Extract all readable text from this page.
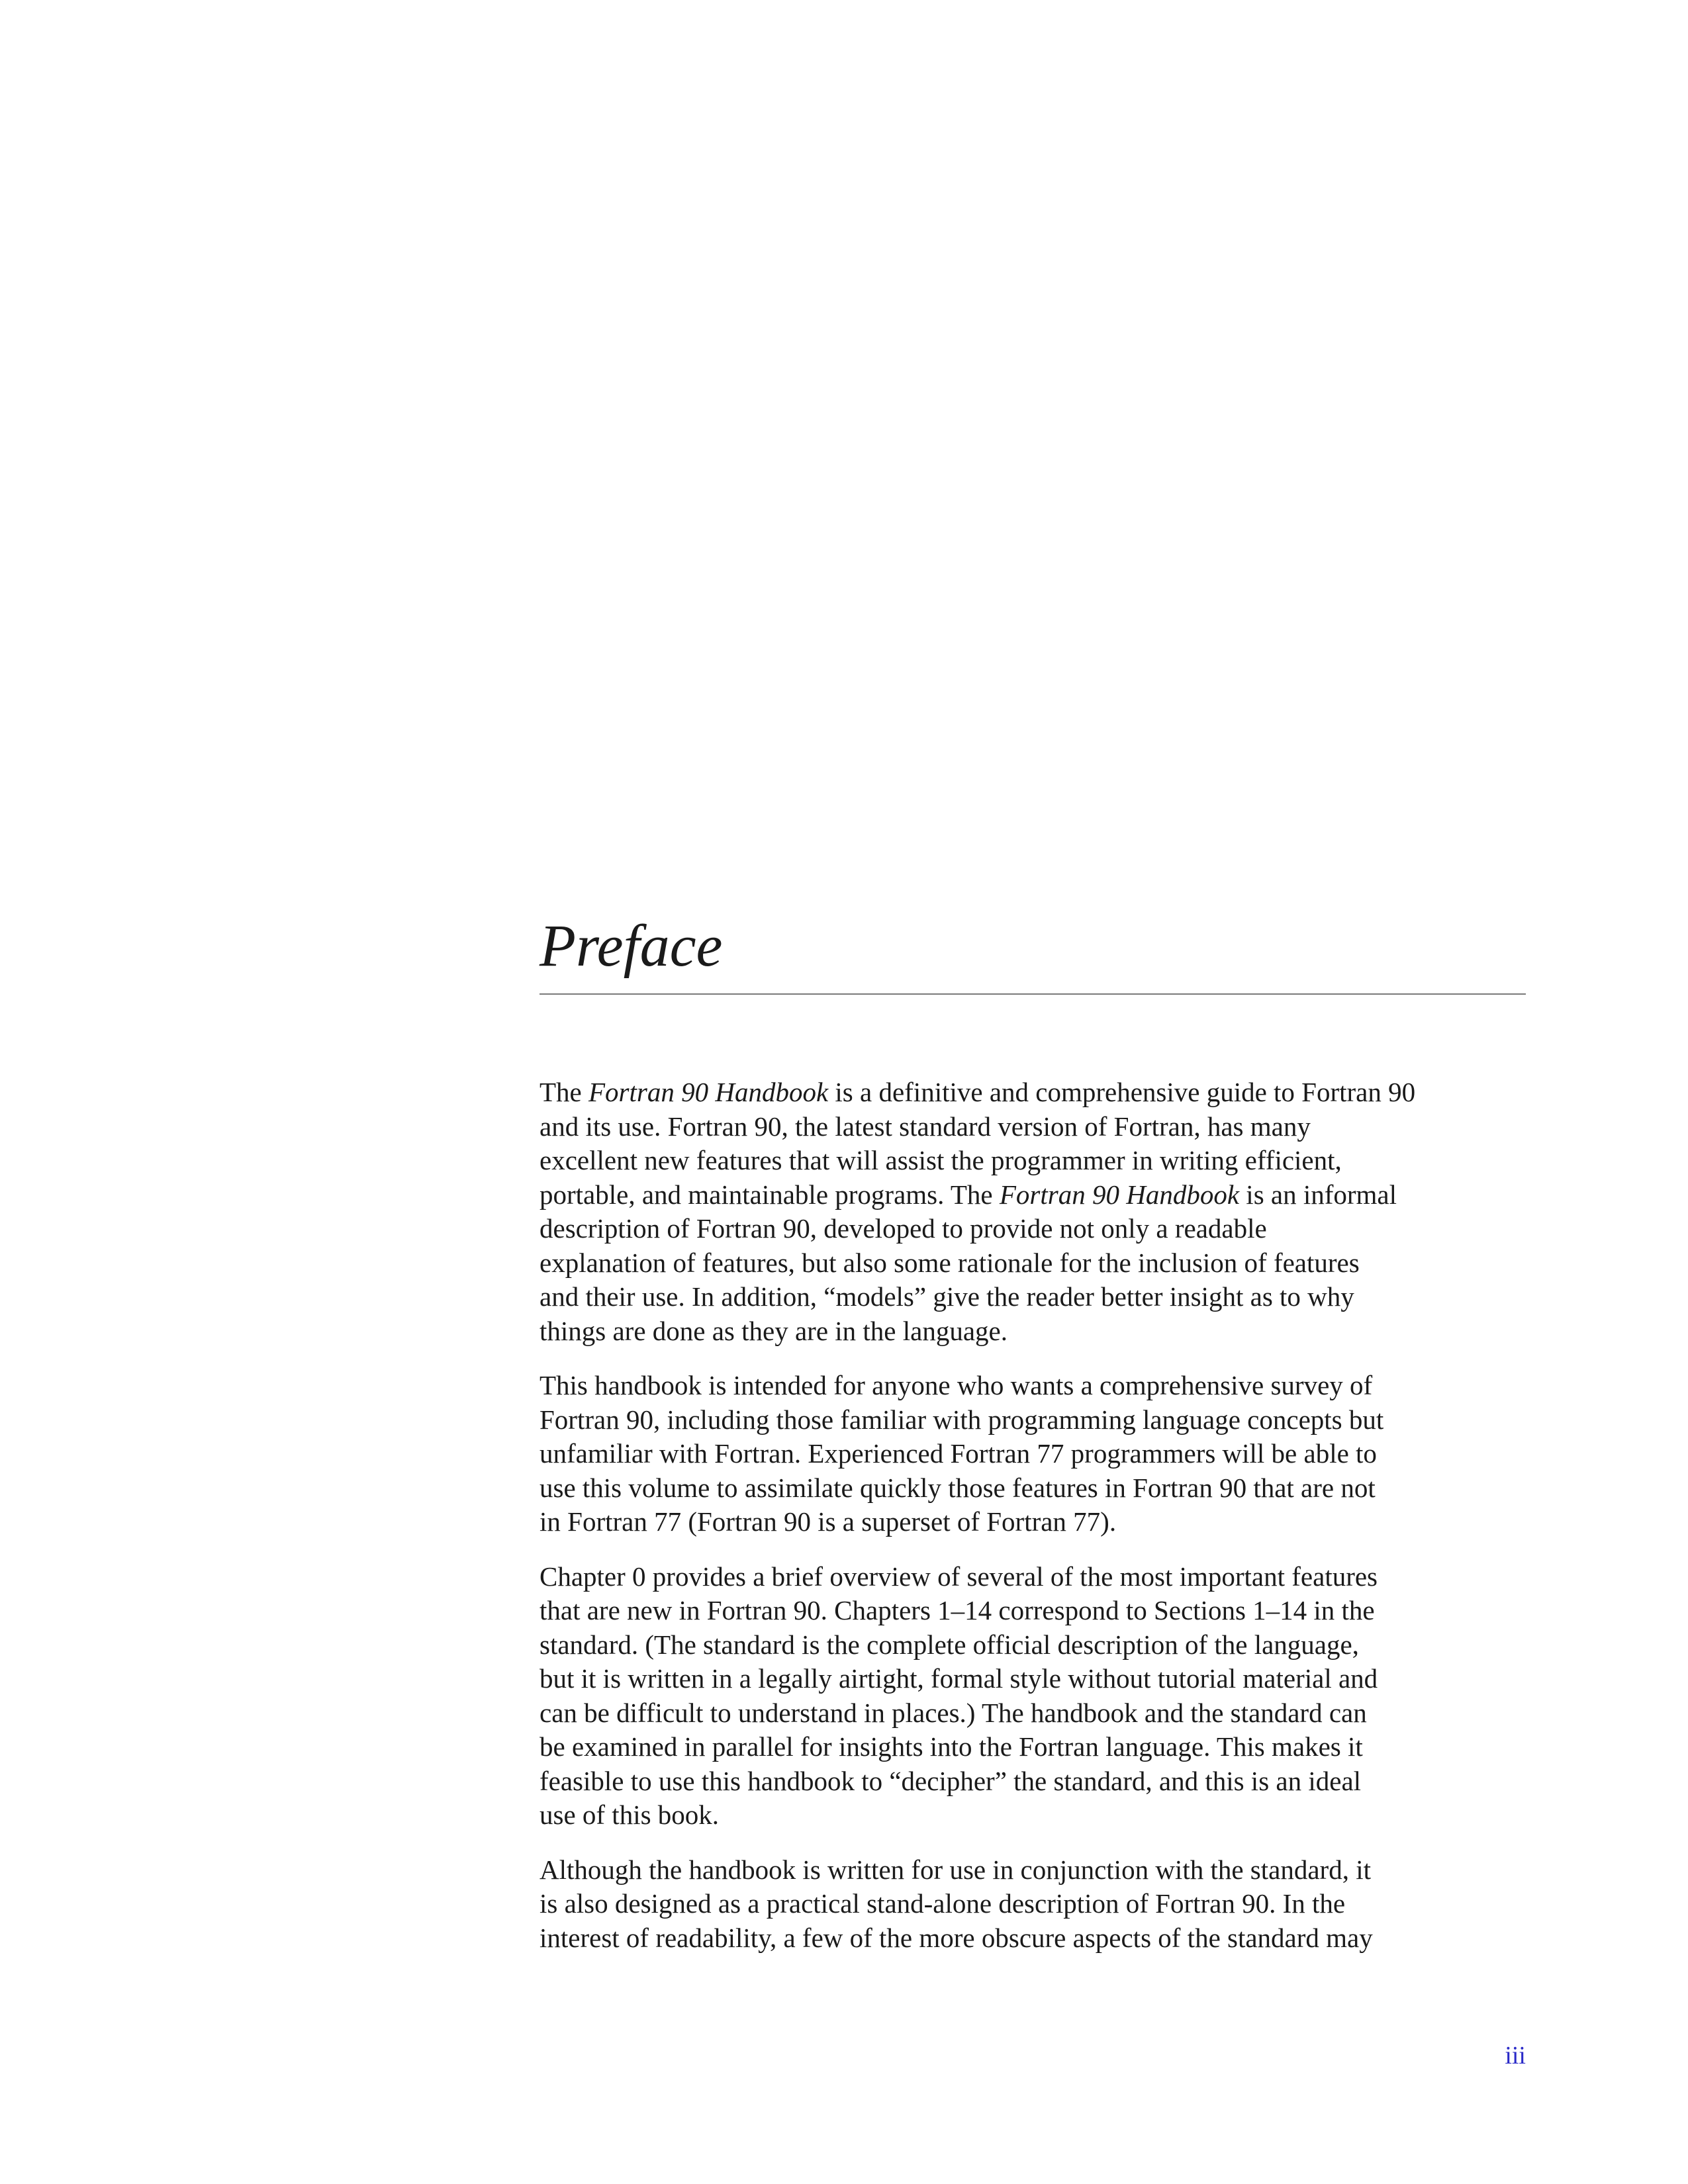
Preface

The Fortran 90 Handbook is a definitive and comprehensive guide to Fortran 90
and its use. Fortran 90, the latest standard version of Fortran, has many
excellent new features that will assist the programmer in writing efficient,
portable, and maintainable programs. The Fortran 90 Handbook is an informal
description of Fortran 90, developed to provide not only a readable
explanation of features, but also some rationale for the inclusion of features
and their use. In addition, “models” give the reader better insight as to why
things are done as they are in the language.

This handbook is intended for anyone who wants a comprehensive survey of
Fortran 90, including those familiar with programming language concepts but
unfamiliar with Fortran. Experienced Fortran 77 programmers will be able to
use this volume to assimilate quickly those features in Fortran 90 that are not
in Fortran 77 (Fortran 90 is a superset of Fortran 77).

Chapter 0 provides a brief overview of several of the most important features
that are new in Fortran 90. Chapters 1–14 correspond to Sections 1–14 in the
standard. (The standard is the complete official description of the language,
but it is written in a legally airtight, formal style without tutorial material and
can be difficult to understand in places.) The handbook and the standard can
be examined in parallel for insights into the Fortran language. This makes it
feasible to use this handbook to “decipher” the standard, and this is an ideal
use of this book.

Although the handbook is written for use in conjunction with the standard, it
is also designed as a practical stand-alone description of Fortran 90. In the
interest of readability, a few of the more obscure aspects of the standard may

iii
